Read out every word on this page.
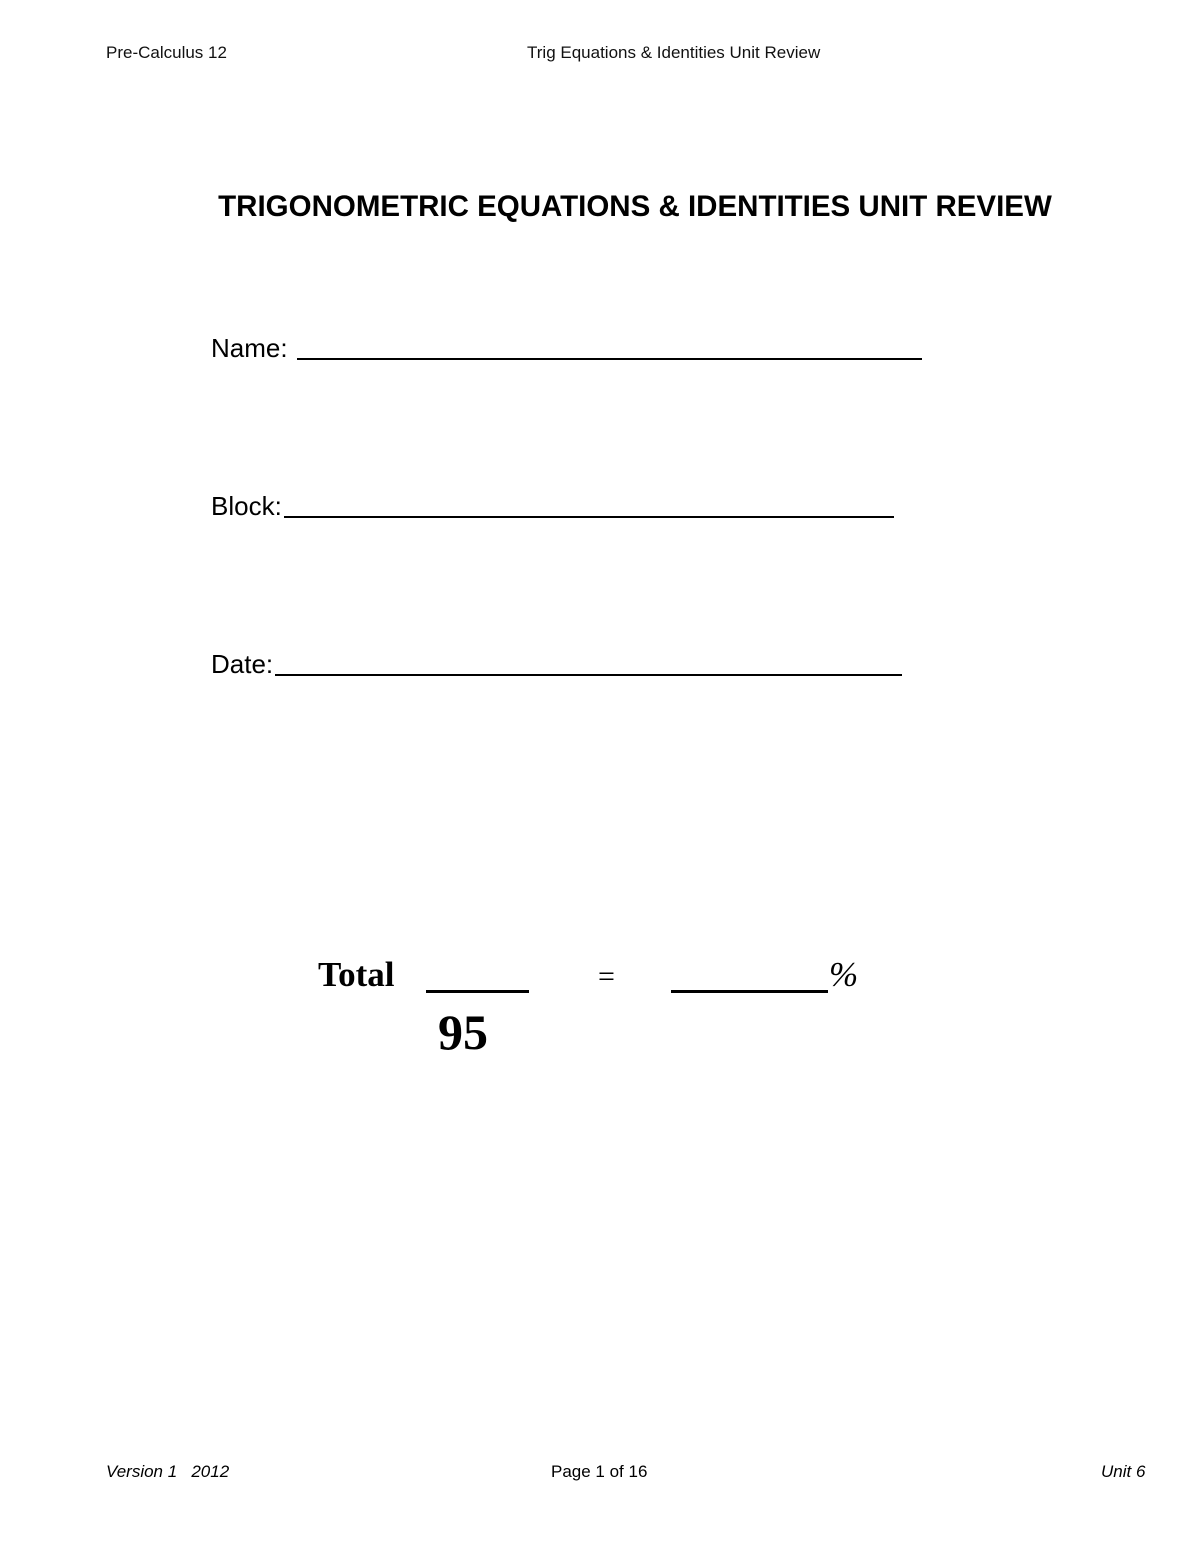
Pre-Calculus 12	Trig Equations & Identities Unit Review
TRIGONOMETRIC EQUATIONS & IDENTITIES UNIT REVIEW
Name:
Block:
Date:
Total	=	%
95
Version 1   2012	Page 1 of 16	Unit 6
